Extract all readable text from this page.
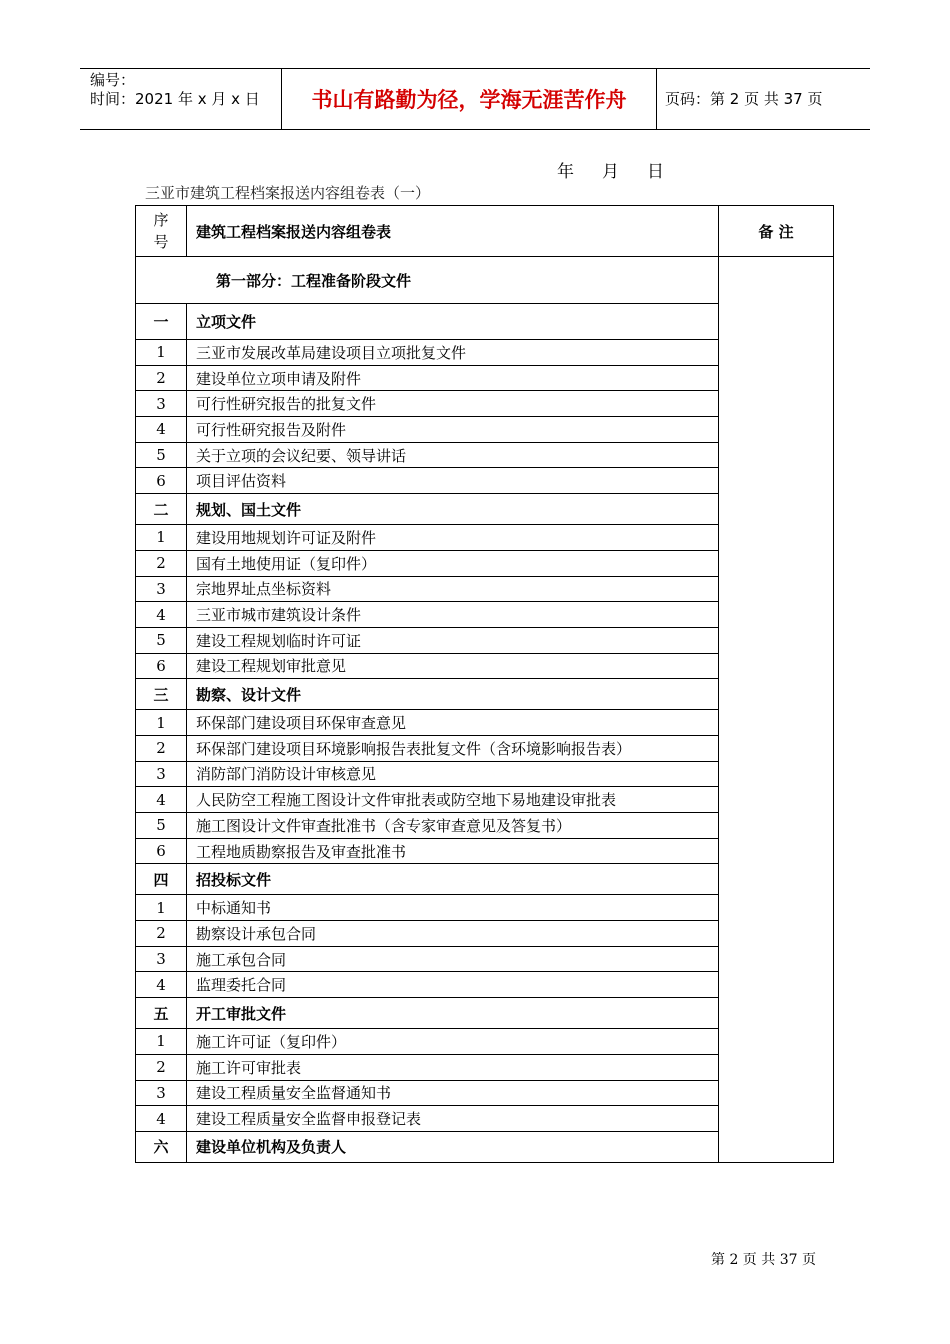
编号：
时间：2021 年 x 月 x 日	书山有路勤为径，学海无涯苦作舟	页码：第 2 页 共 37 页
年 月 日
三亚市建筑工程档案报送内容组卷表（一）
序
号	建筑工程档案报送内容组卷表	备 注
第一部分：工程准备阶段文件		
一	立项文件	
1	三亚市发展改革局建设项目立项批复文件	
2	建设单位立项申请及附件	
3	可行性研究报告的批复文件	
4	可行性研究报告及附件	
5	关于立项的会议纪要、领导讲话	
6	项目评估资料	
二	规划、国土文件	
1	建设用地规划许可证及附件	
2	国有土地使用证（复印件）	
3	宗地界址点坐标资料	
4	三亚市城市建筑设计条件	
5	建设工程规划临时许可证	
6	建设工程规划审批意见	
三	勘察、设计文件	
1	环保部门建设项目环保审查意见	
2	环保部门建设项目环境影响报告表批复文件（含环境影响报告表）	
3	消防部门消防设计审核意见	
4	人民防空工程施工图设计文件审批表或防空地下易地建设审批表	
5	施工图设计文件审查批准书（含专家审查意见及答复书）	
6	工程地质勘察报告及审查批准书	
四	招投标文件	
1	中标通知书	
2	勘察设计承包合同	
3	施工承包合同	
4	监理委托合同	
五	开工审批文件	
1	施工许可证（复印件）	
2	施工许可审批表	
3	建设工程质量安全监督通知书	
4	建设工程质量安全监督申报登记表	
六	建设单位机构及负责人	
第 2 页 共 37 页
